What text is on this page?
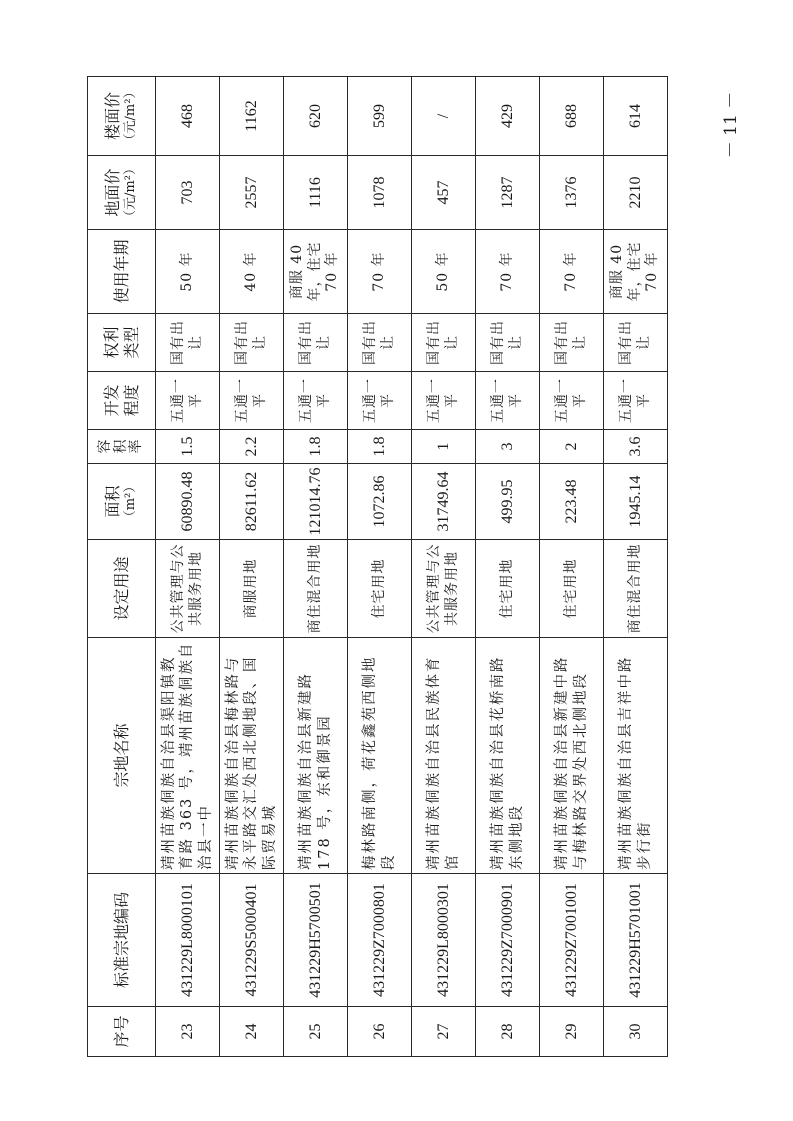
－ 11 －
序号	标准宗地编码	宗地名称	设定用途	面积 （m²）	容积率	开发程度	权利类型	使用年期	地面价 （元/m²）	楼面价 （元/m²）

23	431229L8000101	靖州苗族侗族自治县渠阳镇教育路 363 号，靖州苗族侗族自治县一中	公共管理与公共服务用地	60890.48	1.5	五通一平	国有出让	50 年	703	468
24	431229S5000401	靖州苗族侗族自治县梅林路与永平路交汇处西北侧地段、国际贸易城	商服用地	82611.62	2.2	五通一平	国有出让	40 年	2557	1162
25	431229H5700501	靖州苗族侗族自治县新建路 178 号，东和御景园	商住混合用地	121014.76	1.8	五通一平	国有出让	商服 40 年，住宅 70 年	1116	620
26	431229Z7000801	梅林路南侧，荷花鑫苑西侧地段	住宅用地	1072.86	1.8	五通一平	国有出让	70 年	1078	599
27	431229L8000301	靖州苗族侗族自治县民族体育馆	公共管理与公共服务用地	31749.64	1	五通一平	国有出让	50 年	457	/
28	431229Z7000901	靖州苗族侗族自治县花桥南路东侧地段	住宅用地	499.95	3	五通一平	国有出让	70 年	1287	429
29	431229Z7001001	靖州苗族侗族自治县新建中路与梅林路交界处西北侧地段	住宅用地	223.48	2	五通一平	国有出让	70 年	1376	688
30	431229H5701001	靖州苗族侗族自治县吉祥中路步行街	商住混合用地	1945.14	3.6	五通一平	国有出让	商服 40 年，住宅 70 年	2210	614
